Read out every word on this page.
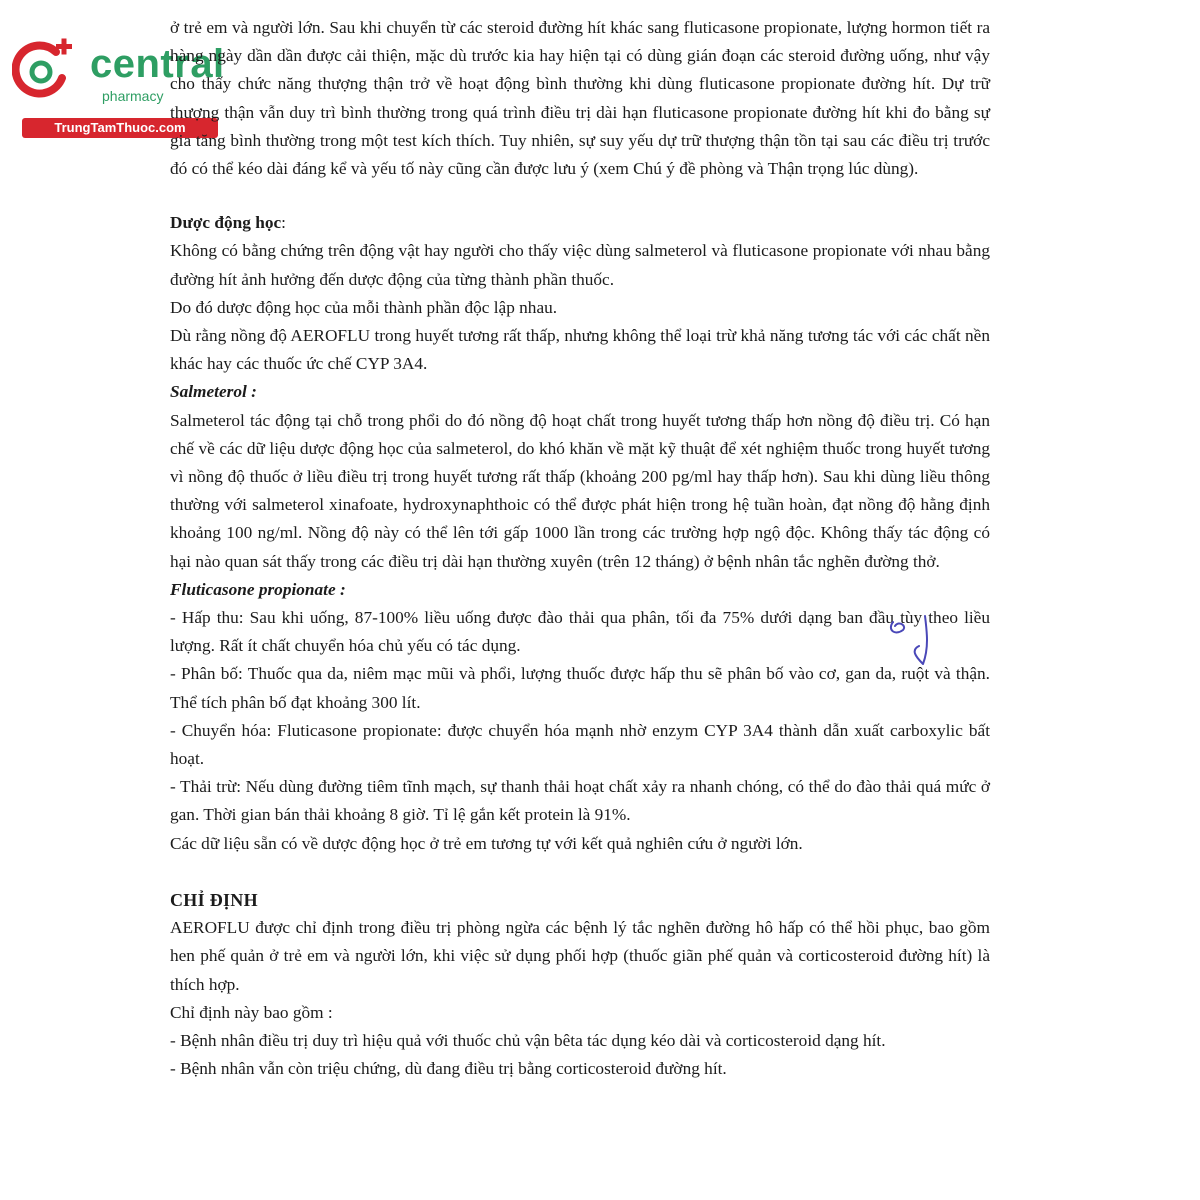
central
pharmacy
TrungTamThuoc.com

ở trẻ em và người lớn. Sau khi chuyển từ các steroid đường hít khác sang fluticasone propionate, lượng hormon tiết ra hàng ngày dần dần được cải thiện, mặc dù trước kia hay hiện tại có dùng gián đoạn các steroid đường uống, như vậy cho thấy chức năng thượng thận trở về hoạt động bình thường khi dùng fluticasone propionate đường hít. Dự trữ thượng thận vẫn duy trì bình thường trong quá trình điều trị dài hạn fluticasone propionate đường hít khi đo bằng sự gia tăng bình thường trong một test kích thích. Tuy nhiên, sự suy yếu dự trữ thượng thận tồn tại sau các điều trị trước đó có thể kéo dài đáng kể và yếu tố này cũng cần được lưu ý (xem Chú ý đề phòng và Thận trọng lúc dùng).

Dược động học:

Không có bằng chứng trên động vật hay người cho thấy việc dùng salmeterol và fluticasone propionate với nhau bằng đường hít ảnh hưởng đến dược động của từng thành phần thuốc.

Do đó dược động học của mỗi thành phần độc lập nhau.

Dù rằng nồng độ AEROFLU trong huyết tương rất thấp, nhưng không thể loại trừ khả năng tương tác với các chất nền khác hay các thuốc ức chế CYP 3A4.

Salmeterol :

Salmeterol tác động tại chỗ trong phổi do đó nồng độ hoạt chất trong huyết tương thấp hơn nồng độ điều trị. Có hạn chế về các dữ liệu dược động học của salmeterol, do khó khăn về mặt kỹ thuật để xét nghiệm thuốc trong huyết tương vì nồng độ thuốc ở liều điều trị trong huyết tương rất thấp (khoảng 200 pg/ml hay thấp hơn). Sau khi dùng liều thông thường với salmeterol xinafoate, hydroxynaphthoic có thể được phát hiện trong hệ tuần hoàn, đạt nồng độ hằng định khoảng 100 ng/ml. Nồng độ này có thể lên tới gấp 1000 lần trong các trường hợp ngộ độc. Không thấy tác động có hại nào quan sát thấy trong các điều trị dài hạn thường xuyên (trên 12 tháng) ở bệnh nhân tắc nghẽn đường thở.

Fluticasone propionate :

- Hấp thu: Sau khi uống, 87-100% liều uống được đào thải qua phân, tối đa 75% dưới dạng ban đầu tùy theo liều lượng. Rất ít chất chuyển hóa chủ yếu có tác dụng.

- Phân bố: Thuốc qua da, niêm mạc mũi và phổi, lượng thuốc được hấp thu sẽ phân bố vào cơ, gan da, ruột và thận. Thể tích phân bố đạt khoảng 300 lít.

- Chuyển hóa: Fluticasone propionate: được chuyển hóa mạnh nhờ enzym CYP 3A4 thành dẫn xuất carboxylic bất hoạt.

- Thải trừ: Nếu dùng đường tiêm tĩnh mạch, sự thanh thải hoạt chất xảy ra nhanh chóng, có thể do đào thải quá mức ở gan. Thời gian bán thải khoảng 8 giờ. Tỉ lệ gắn kết protein là 91%.

Các dữ liệu sẵn có về dược động học ở trẻ em tương tự với kết quả nghiên cứu ở người lớn.

CHỈ ĐỊNH

AEROFLU được chỉ định trong điều trị phòng ngừa các bệnh lý tắc nghẽn đường hô hấp có thể hồi phục, bao gồm hen phế quản ở trẻ em và người lớn, khi việc sử dụng phối hợp (thuốc giãn phế quản và corticosteroid đường hít) là thích hợp.

Chỉ định này bao gồm :

- Bệnh nhân điều trị duy trì hiệu quả với thuốc chủ vận bêta tác dụng kéo dài và corticosteroid dạng hít.

- Bệnh nhân vẫn còn triệu chứng, dù đang điều trị bằng corticosteroid đường hít.
